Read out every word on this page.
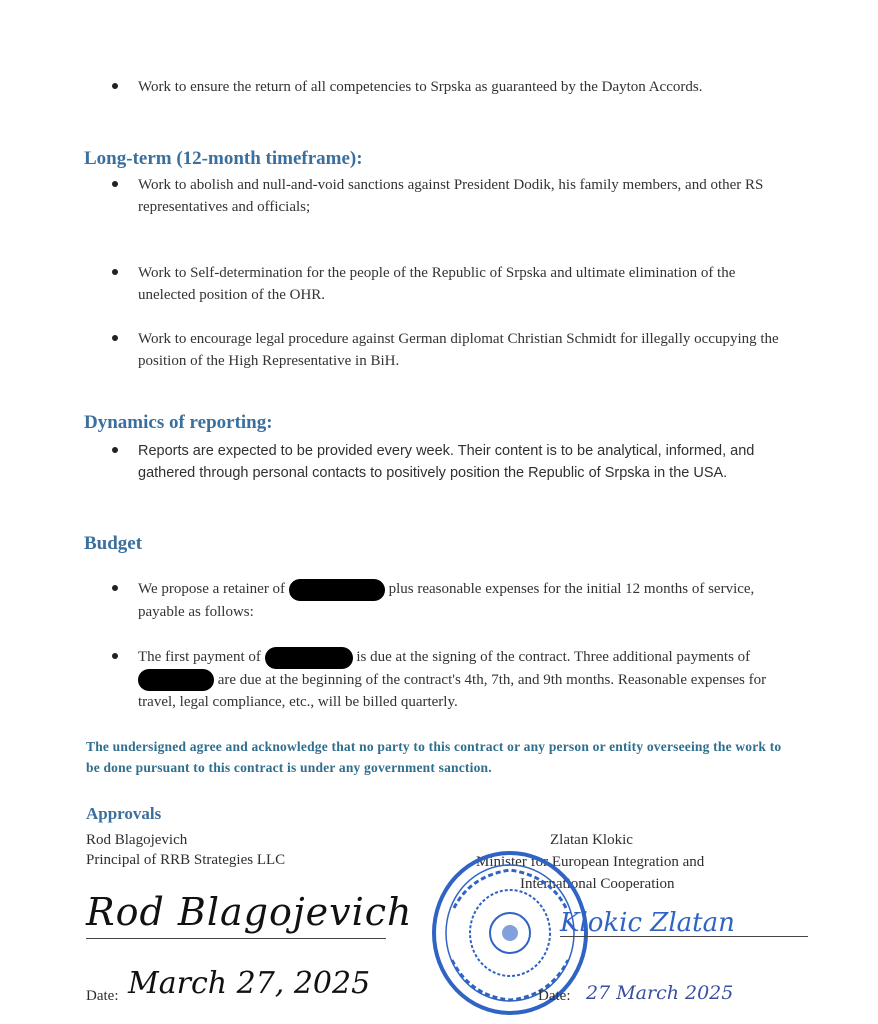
Work to ensure the return of all competencies to Srpska as guaranteed by the Dayton Accords.
Long-term (12-month timeframe):
Work to abolish and null-and-void sanctions against President Dodik, his family members, and other RS representatives and officials;
Work to Self-determination for the people of the Republic of Srpska and ultimate elimination of the unelected position of the OHR.
Work to encourage legal procedure against German diplomat Christian Schmidt for illegally occupying the position of the High Representative in BiH.
Dynamics of reporting:
Reports are expected to be provided every week. Their content is to be analytical, informed, and gathered through personal contacts to positively position the Republic of Srpska in the USA.
Budget
We propose a retainer of	plus reasonable expenses for the initial 12 months of service, payable as follows:
The first payment of	is due at the signing of the contract. Three additional payments of  are due at the beginning of the contract's 4th, 7th, and 9th months. Reasonable expenses for travel, legal compliance, etc., will be billed quarterly.
The undersigned agree and acknowledge that no party to this contract or any person or entity overseeing the work to be done pursuant to this contract is under any government sanction.
Approvals
Rod Blagojevich
Principal of RRB Strategies LLC
Zlatan Klokic
Minister for European Integration and
International Cooperation
Rod Blagojevich
Date: March 27, 2025
Klokic Zlatan
Date: 27 March 2025
